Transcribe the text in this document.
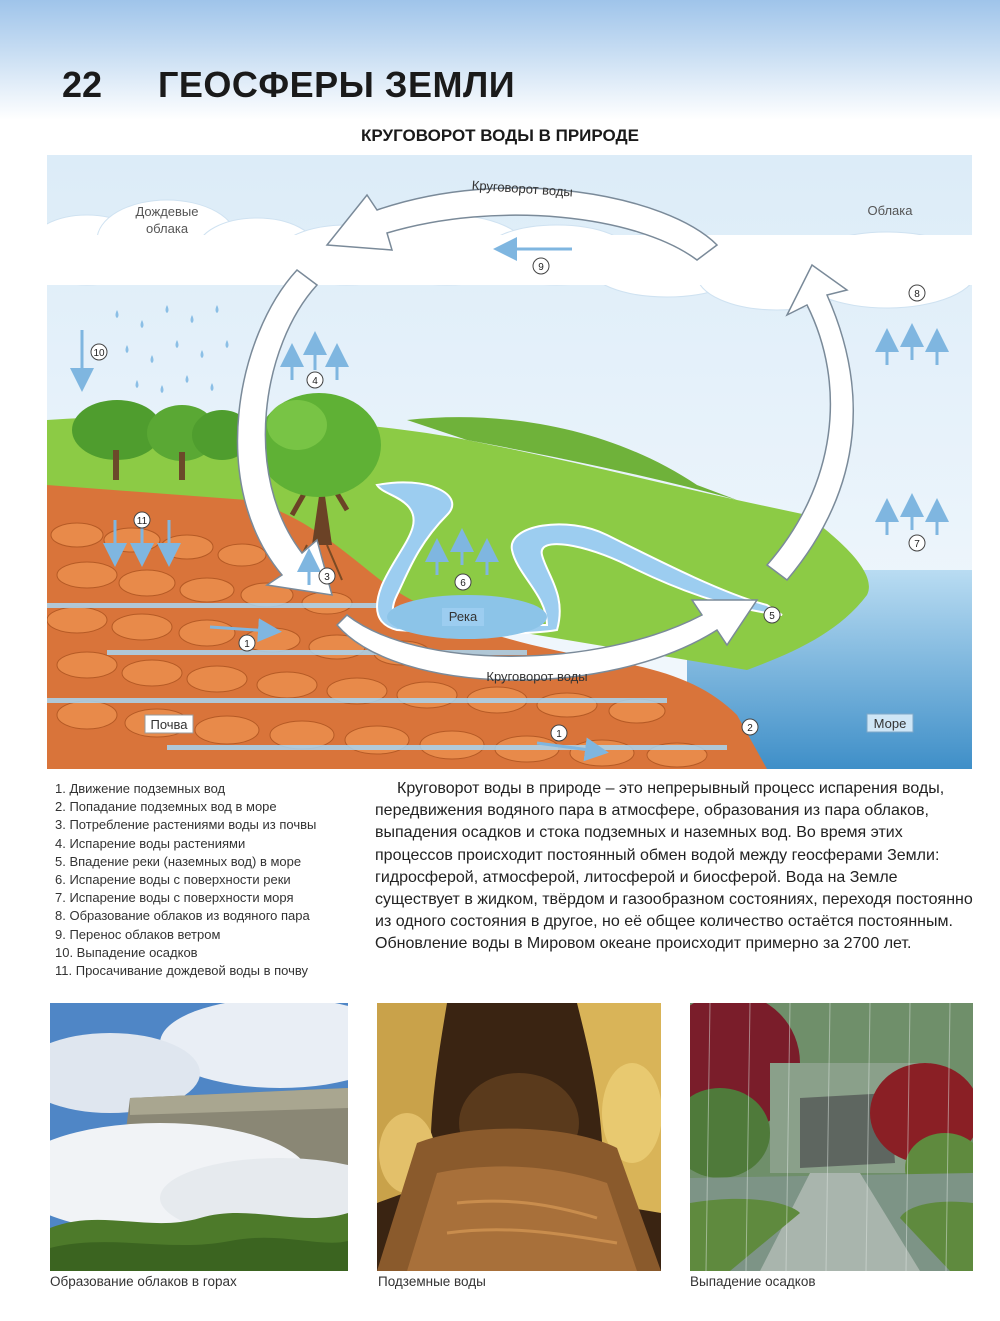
22 ГЕОСФЕРЫ ЗЕМЛИ
КРУГОВОРОТ ВОДЫ В ПРИРОДЕ
Круговорот воды
Круговорот воды
1
1
2
3
4
5
6
7
8
9
10
11
Дождевые
облака
Облака
Река
Почва	Море
1. Движение подземных вод
2. Попадание подземных вод в море
3. Потребление растениями воды из почвы
4. Испарение воды растениями
5. Впадение реки (наземных вод) в море
6. Испарение воды с поверхности реки
7. Испарение воды с поверхности моря
8. Образование облаков из водяного пара
9. Перенос облаков ветром
10. Выпадение осадков
11. Просачивание дождевой воды в почву

Круговорот воды в природе – это непрерывный процесс испарения воды, передвижения водяного пара в атмосфере, образования из пара облаков, выпадения осадков и стока подземных и наземных вод. Во время этих процессов происходит постоянный обмен водой между геосферами Земли: гидросферой, атмосферой, литосферой и биосферой. Вода на Земле существует в жидком, твёрдом и газообразном состояниях, переходя постоянно из одного состояния в другое, но её общее количество остаётся постоянным. Обновление воды в Мировом океане происходит примерно за 2700 лет.

Образование облаков в горах	Подземные воды	Выпадение осадков
